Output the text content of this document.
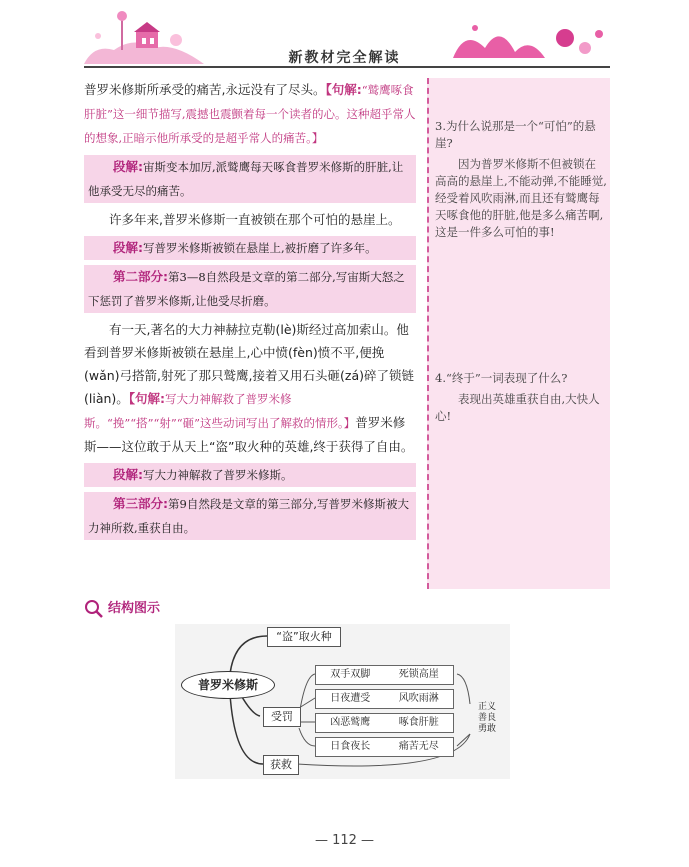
新教材完全解读

普罗米修斯所承受的痛苦,永远没有了尽头。【句解:“鹫鹰啄食肝脏”这一细节描写,震撼也震颤着每一个读者的心。这种超乎常人的想象,正暗示他所承受的是超乎常人的痛苦。】

段解:宙斯变本加厉,派鹫鹰每天啄食普罗米修斯的肝脏,让他承受无尽的痛苦。

许多年来,普罗米修斯一直被锁在那个可怕的悬崖上。

段解:写普罗米修斯被锁在悬崖上,被折磨了许多年。
第二部分:第3—8自然段是文章的第二部分,写宙斯大怒之下惩罚了普罗米修斯,让他受尽折磨。

有一天,著名的大力神赫拉克勒(lè)斯经过高加索山。他看到普罗米修斯被锁在悬崖上,心中愤(fèn)愤不平,便挽(wǎn)弓搭箭,射死了那只鹫鹰,接着又用石头砸(zá)碎了锁链(liàn)。【句解:写大力神解救了普罗米修斯。“挽”“搭”“射”“砸”这些动词写出了解救的情形。】普罗米修斯——这位敢于从天上“盗”取火种的英雄,终于获得了自由。

段解:写大力神解救了普罗米修斯。
第三部分:第9自然段是文章的第三部分,写普罗米修斯被大力神所救,重获自由。
3.为什么说那是一个“可怕”的悬崖?
因为普罗米修斯不但被锁在高高的悬崖上,不能动弹,不能睡觉,经受着风吹雨淋,而且还有鹫鹰每天啄食他的肝脏,他是多么痛苦啊,这是一件多么可怕的事!
4.“终于”一词表现了什么?
表现出英雄重获自由,大快人心!
结构图示
普罗米修斯
“盗”取火种
受罚
获救
双手双脚	死锁高崖
日夜遭受	风吹雨淋
凶恶鹫鹰	啄食肝脏
日食夜长	痛苦无尽
正义
善良
勇敢
— 112 —
